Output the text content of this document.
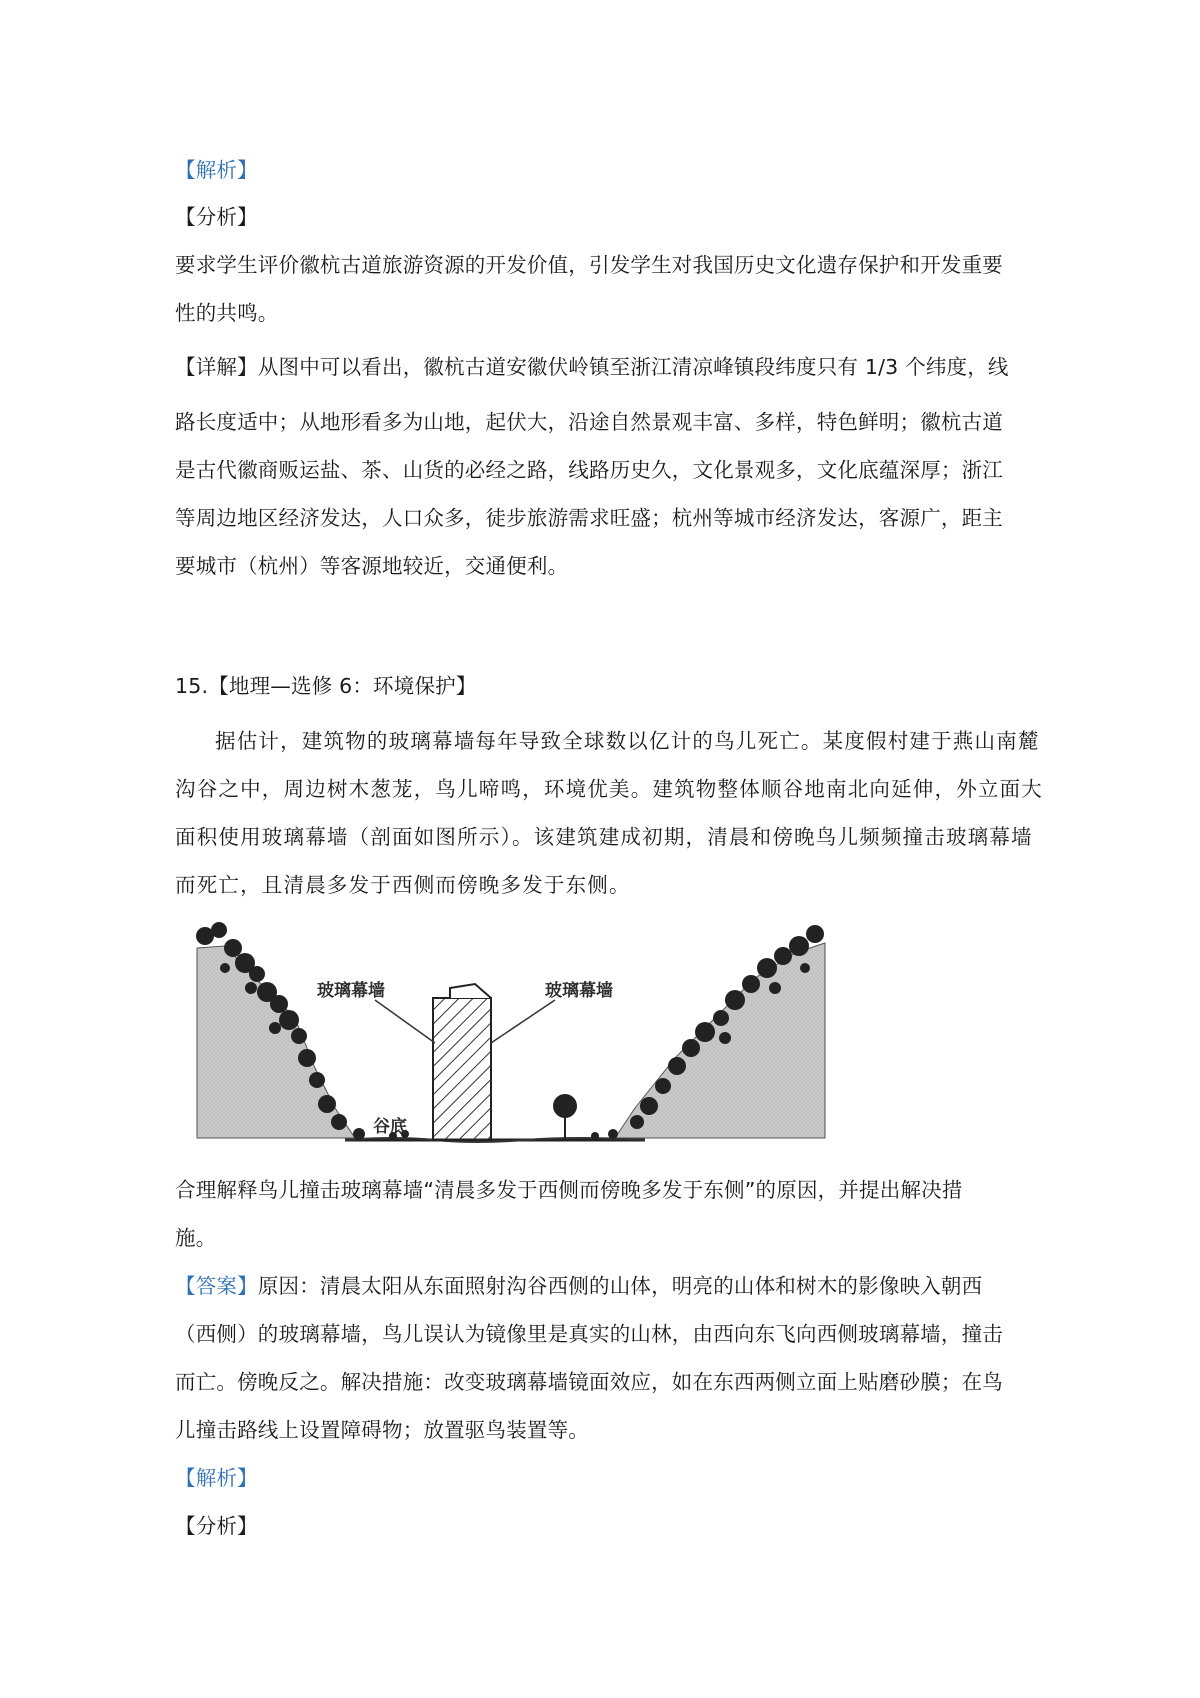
【解析】
【分析】
要求学生评价徽杭古道旅游资源的开发价值，引发学生对我国历史文化遗存保护和开发重要
性的共鸣。
【详解】从图中可以看出，徽杭古道安徽伏岭镇至浙江清凉峰镇段纬度只有 1/3 个纬度，线
路长度适中；从地形看多为山地，起伏大，沿途自然景观丰富、多样，特色鲜明；徽杭古道
是古代徽商贩运盐、茶、山货的必经之路，线路历史久，文化景观多，文化底蕴深厚；浙江
等周边地区经济发达，人口众多，徒步旅游需求旺盛；杭州等城市经济发达，客源广，距主
要城市（杭州）等客源地较近，交通便利。
15.【地理—选修 6：环境保护】
据估计，建筑物的玻璃幕墙每年导致全球数以亿计的鸟儿死亡。某度假村建于燕山南麓
沟谷之中，周边树木葱茏，鸟儿啼鸣，环境优美。建筑物整体顺谷地南北向延伸，外立面大
面积使用玻璃幕墙（剖面如图所示）。该建筑建成初期，清晨和傍晚鸟儿频频撞击玻璃幕墙
而死亡，且清晨多发于西侧而傍晚多发于东侧。
玻璃幕墙	玻璃幕墙
谷底
合理解释鸟儿撞击玻璃幕墙“清晨多发于西侧而傍晚多发于东侧”的原因，并提出解决措
施。
【答案】原因：清晨太阳从东面照射沟谷西侧的山体，明亮的山体和树木的影像映入朝西
（西侧）的玻璃幕墙，鸟儿误认为镜像里是真实的山林，由西向东飞向西侧玻璃幕墙，撞击
而亡。傍晚反之。解决措施：改变玻璃幕墙镜面效应，如在东西两侧立面上贴磨砂膜；在鸟
儿撞击路线上设置障碍物；放置驱鸟装置等。
【解析】
【分析】
